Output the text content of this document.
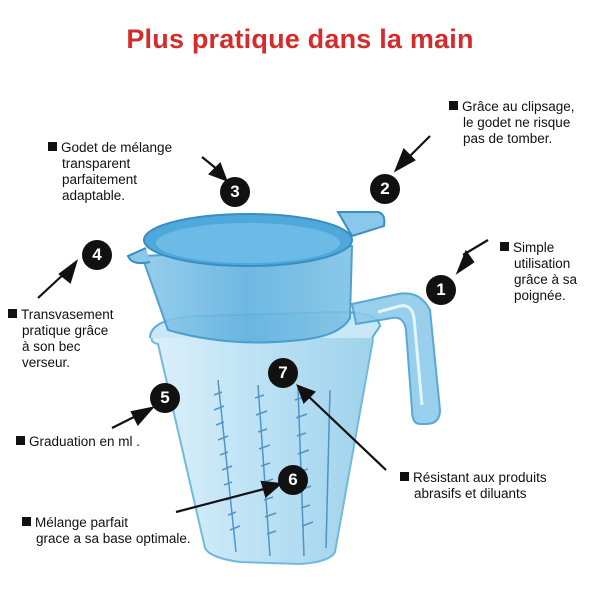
Plus pratique dans la main
1
2
3
4
5
6
7
Simple
utilisation
grâce à sa
poignée.
Grâce au clipsage,
le godet ne risque
pas de tomber.
Godet de mélange
transparent
parfaitement
adaptable.
Transvasement
pratique grâce
à son bec
verseur.
Graduation en ml .
Mélange parfait
grace a sa base optimale.
Résistant aux produits
abrasifs et diluants
